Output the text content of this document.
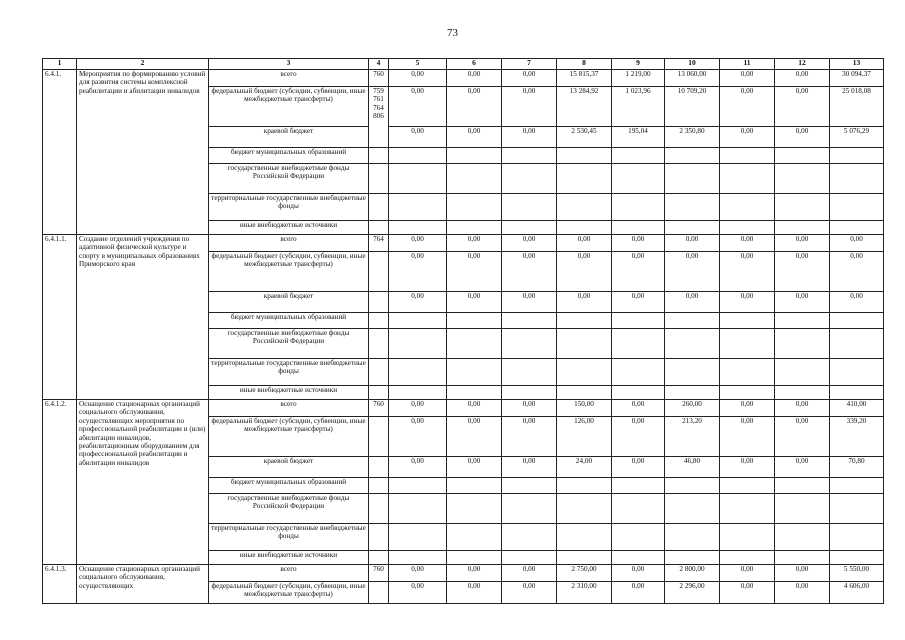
73
1	2	3	4	5	6	7	8	9	10	11	12	13
6.4.1.	Мероприятия по формированию условий для развития системы комплексной реабилитации и абилитации инвалидов	всего	760	0,00	0,00	0,00	15 815,37	1 219,00	13 060,00	0,00	0,00	30 094,37
		федеральный бюджет (субсидии, субвенции, иные межбюджетные трансферты)	759
761
764
806	0,00	0,00	0,00	13 284,92	1 023,96	10 709,20	0,00	0,00	25 018,08
		краевой бюджет		0,00	0,00	0,00	2 530,45	195,04	2 350,80	0,00	0,00	5 076,29
		бюджет муниципальных образований										
		государственные внебюджетные фонды Российской Федерации										
		территориальные государственные внебюджетные фонды										
		иные внебюджетные источники										
6.4.1.1.	Создание отделений учреждения по адаптивной физической культуре и спорту в муниципальных образованиях Приморского края	всего	764	0,00	0,00	0,00	0,00	0,00	0,00	0,00	0,00	0,00
		федеральный бюджет (субсидии, субвенции, иные межбюджетные трансферты)		0,00	0,00	0,00	0,00	0,00	0,00	0,00	0,00	0,00
		краевой бюджет		0,00	0,00	0,00	0,00	0,00	0,00	0,00	0,00	0,00
		бюджет муниципальных образований										
		государственные внебюджетные фонды Российской Федерации										
		территориальные государственные внебюджетные фонды										
		иные внебюджетные источники										
6.4.1.2.	Оснащение стационарных организаций социального обслуживания, осуществляющих мероприятия по профессиональной реабилитации и (или) абилитации инвалидов, реабилитационным оборудованием для профессиональной реабилитации и абилитации инвалидов	всего	760	0,00	0,00	0,00	150,00	0,00	260,00	0,00	0,00	410,00
		федеральный бюджет (субсидии, субвенции, иные межбюджетные трансферты)		0,00	0,00	0,00	126,00	0,00	213,20	0,00	0,00	339,20
		краевой бюджет		0,00	0,00	0,00	24,00	0,00	46,80	0,00	0,00	70,80
		бюджет муниципальных образований										
		государственные внебюджетные фонды Российской Федерации										
		территориальные государственные внебюджетные фонды										
		иные внебюджетные источники										
6.4.1.3.	Оснащение стационарных организаций социального обслуживания, осуществляющих	всего	760	0,00	0,00	0,00	2 750,00	0,00	2 800,00	0,00	0,00	5 550,00
		федеральный бюджет (субсидии, субвенции, иные межбюджетные трансферты)		0,00	0,00	0,00	2 310,00	0,00	2 296,00	0,00	0,00	4 606,00
